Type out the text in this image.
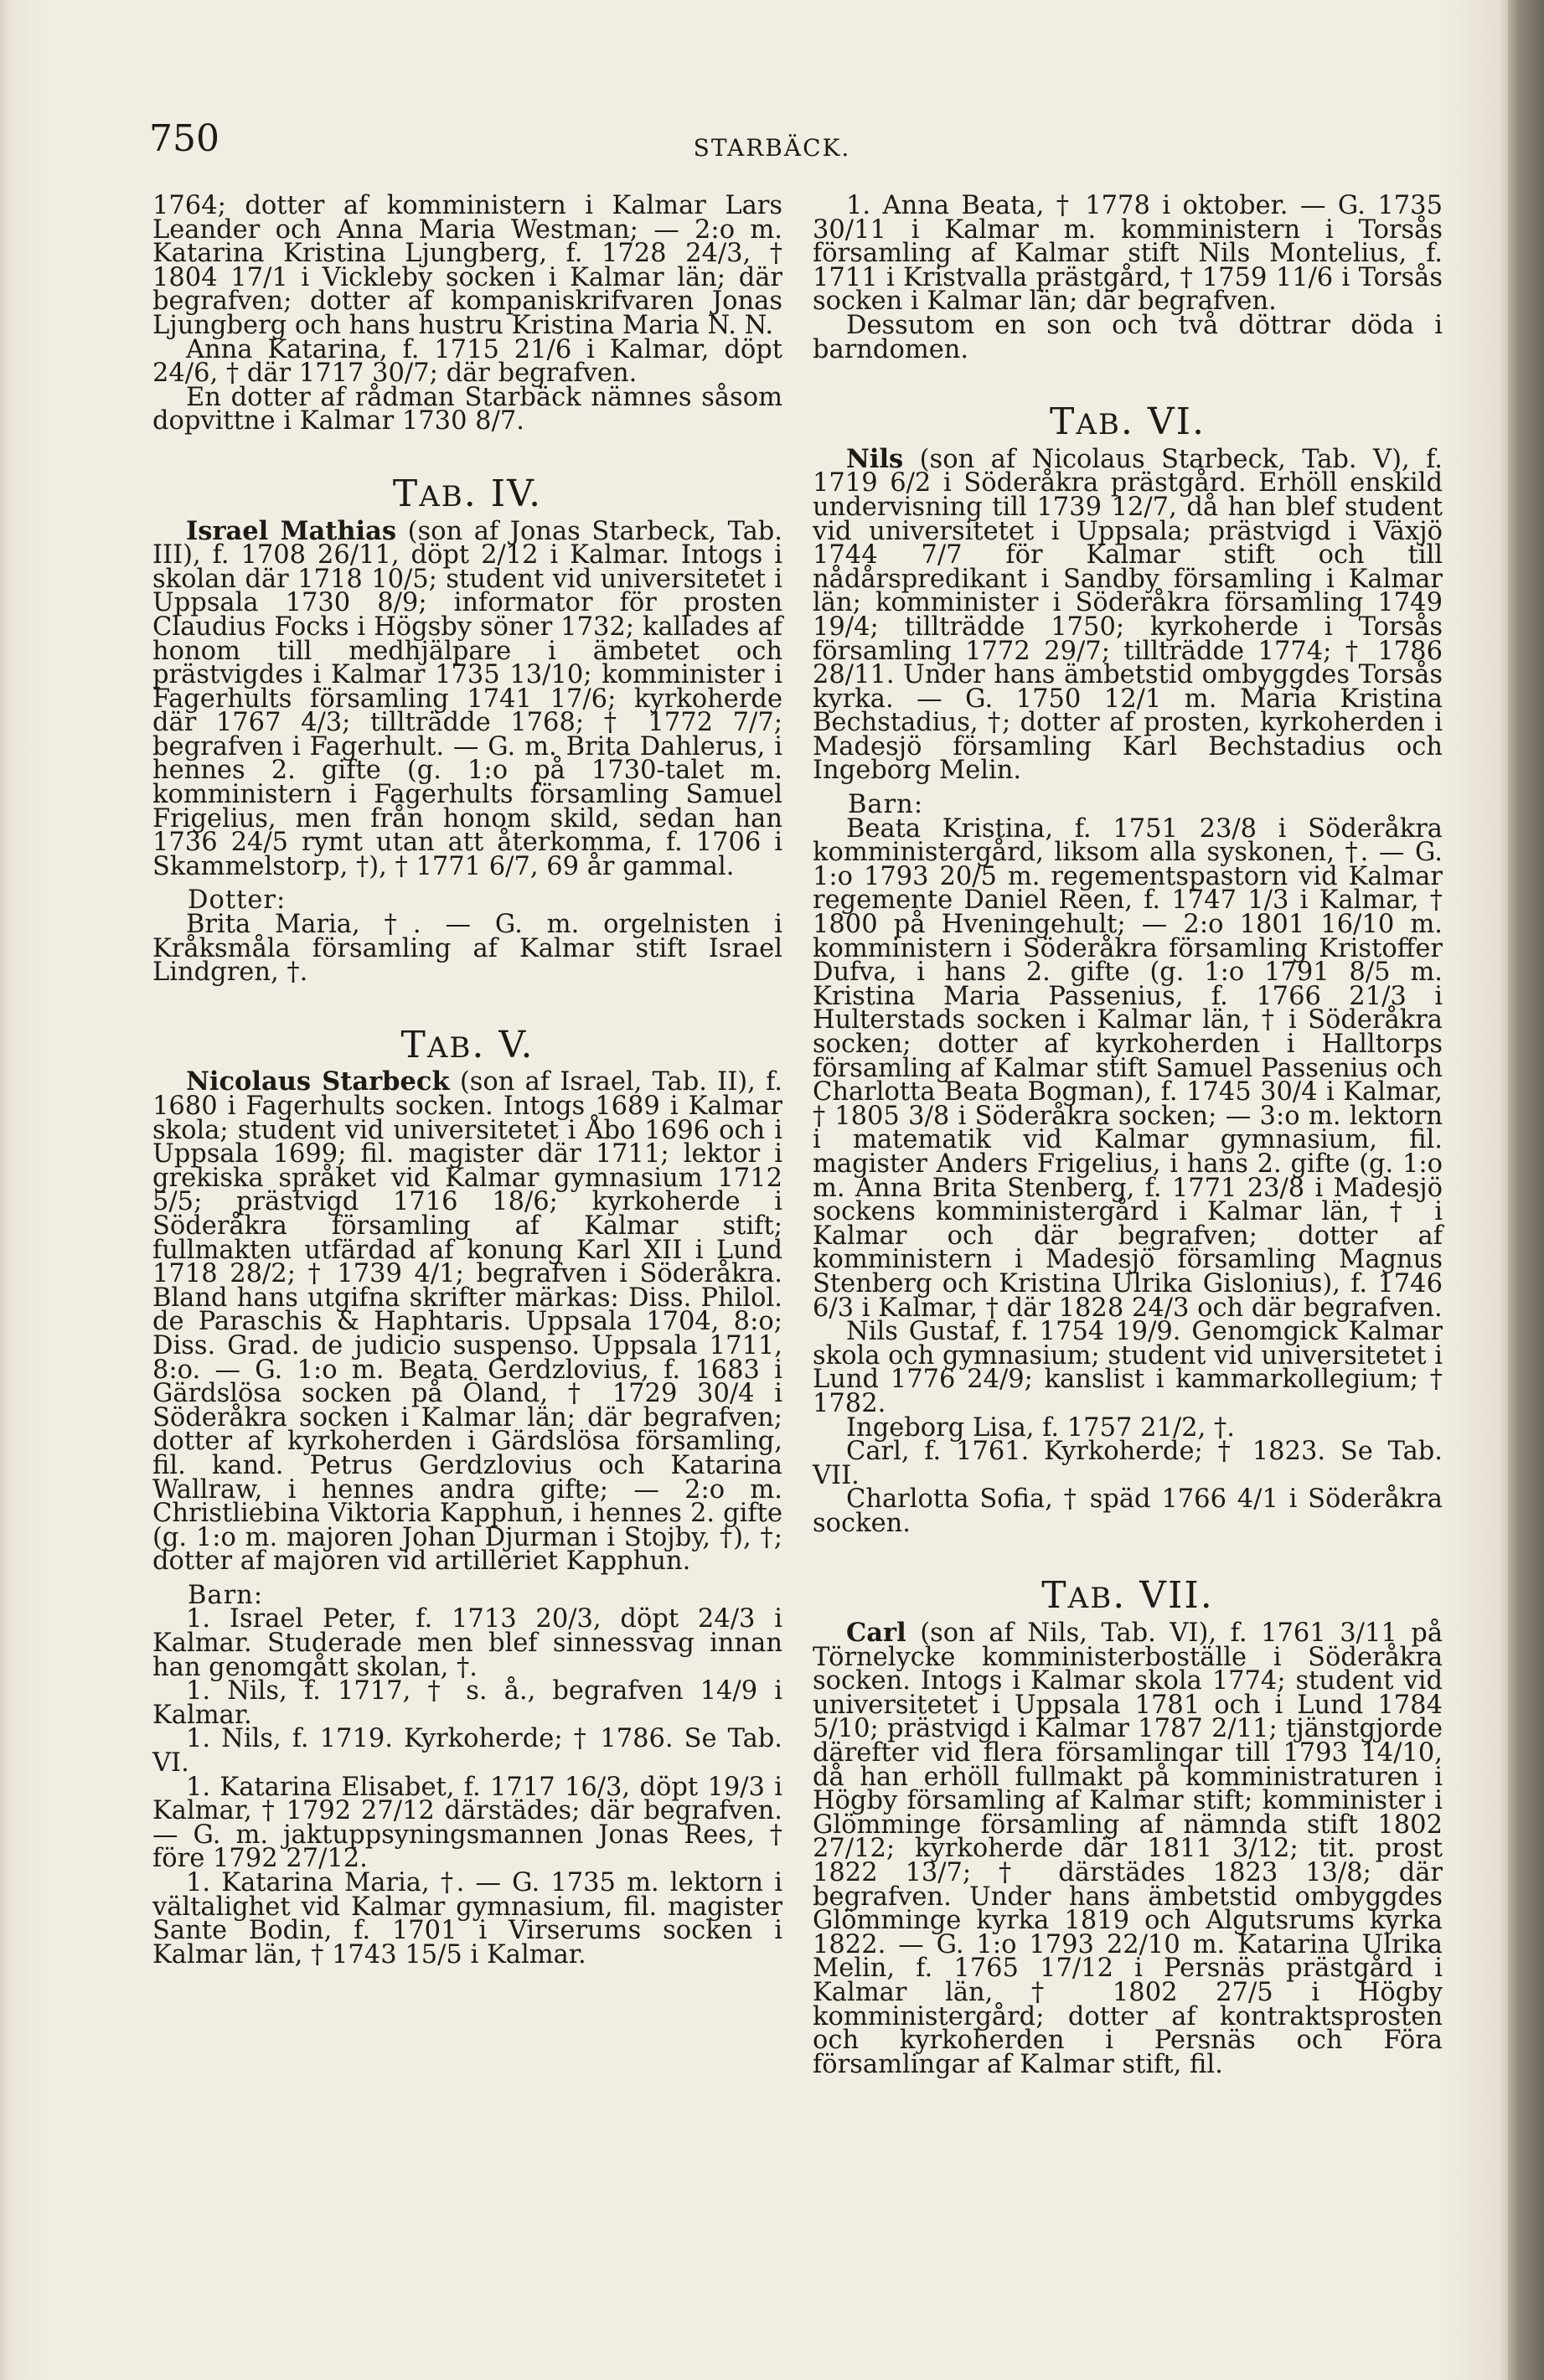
750	STARBÄCK.

1764; dotter af komministern i Kalmar Lars Leander och Anna Maria Westman; — 2:o m. Katarina Kristina Ljungberg, f. 1728 24/3, † 1804 17/1 i Vickleby socken i Kalmar län; där begrafven; dotter af kompaniskrifvaren Jonas Ljungberg och hans hustru Kristina Maria N. N.

Anna Katarina, f. 1715 21/6 i Kalmar, döpt 24/6, † där 1717 30/7; där begrafven.

En dotter af rådman Starbäck nämnes såsom dopvittne i Kalmar 1730 8/7.

TAB. IV.

Israel Mathias (son af Jonas Starbeck, Tab. III), f. 1708 26/11, döpt 2/12 i Kalmar. Intogs i skolan där 1718 10/5; student vid universitetet i Uppsala 1730 8/9; informator för prosten Claudius Focks i Högsby söner 1732; kallades af honom till medhjälpare i ämbetet och prästvigdes i Kalmar 1735 13/10; komminister i Fagerhults församling 1741 17/6; kyrkoherde där 1767 4/3; tillträdde 1768; † 1772 7/7; begrafven i Fagerhult. — G. m. Brita Dahlerus, i hennes 2. gifte (g. 1:o på 1730-talet m. komministern i Fagerhults församling Samuel Frigelius, men från honom skild, sedan han 1736 24/5 rymt utan att återkomma, f. 1706 i Skammelstorp, †), † 1771 6/7, 69 år gammal.

Dotter:

Brita Maria, †. — G. m. orgelnisten i Kråksmåla församling af Kalmar stift Israel Lindgren, †.

TAB. V.

Nicolaus Starbeck (son af Israel, Tab. II), f. 1680 i Fagerhults socken. Intogs 1689 i Kalmar skola; student vid universitetet i Åbo 1696 och i Uppsala 1699; fil. magister där 1711; lektor i grekiska språket vid Kalmar gymnasium 1712 5/5; prästvigd 1716 18/6; kyrkoherde i Söderåkra församling af Kalmar stift; fullmakten utfärdad af konung Karl XII i Lund 1718 28/2; † 1739 4/1; begrafven i Söderåkra. Bland hans utgifna skrifter märkas: Diss. Philol. de Paraschis & Haphtaris. Uppsala 1704, 8:o; Diss. Grad. de judicio suspenso. Uppsala 1711, 8:o. — G. 1:o m. Beata Gerdzlovius, f. 1683 i Gärdslösa socken på Öland, † 1729 30/4 i Söderåkra socken i Kalmar län; där begrafven; dotter af kyrkoherden i Gärdslösa församling, fil. kand. Petrus Gerdzlovius och Katarina Wallraw, i hennes andra gifte; — 2:o m. Christliebina Viktoria Kapphun, i hennes 2. gifte (g. 1:o m. majoren Johan Djurman i Stojby, †), †; dotter af majoren vid artilleriet Kapphun.

Barn:

1. Israel Peter, f. 1713 20/3, döpt 24/3 i Kalmar. Studerade men blef sinnessvag innan han genomgått skolan, †.

1. Nils, f. 1717, † s. å., begrafven 14/9 i Kalmar.

1. Nils, f. 1719. Kyrkoherde; † 1786. Se Tab. VI.

1. Katarina Elisabet, f. 1717 16/3, döpt 19/3 i Kalmar, † 1792 27/12 därstädes; där begrafven. — G. m. jaktuppsyningsmannen Jonas Rees, † före 1792 27/12.

1. Katarina Maria, †. — G. 1735 m. lektorn i vältalighet vid Kalmar gymnasium, fil. magister Sante Bodin, f. 1701 i Virserums socken i Kalmar län, † 1743 15/5 i Kalmar.

1. Anna Beata, † 1778 i oktober. — G. 1735 30/11 i Kalmar m. komministern i Torsås församling af Kalmar stift Nils Montelius, f. 1711 i Kristvalla prästgård, † 1759 11/6 i Torsås socken i Kalmar län; där begrafven.

Dessutom en son och två döttrar döda i barndomen.

TAB. VI.

Nils (son af Nicolaus Starbeck, Tab. V), f. 1719 6/2 i Söderåkra prästgård. Erhöll enskild undervisning till 1739 12/7, då han blef student vid universitetet i Uppsala; prästvigd i Växjö 1744 7/7 för Kalmar stift och till nådårspredikant i Sandby församling i Kalmar län; komminister i Söderåkra församling 1749 19/4; tillträdde 1750; kyrkoherde i Torsås församling 1772 29/7; tillträdde 1774; † 1786 28/11. Under hans ämbetstid ombyggdes Torsås kyrka. — G. 1750 12/1 m. Maria Kristina Bechstadius, †; dotter af prosten, kyrkoherden i Madesjö församling Karl Bechstadius och Ingeborg Melin.

Barn:

Beata Kristina, f. 1751 23/8 i Söderåkra komministergård, liksom alla syskonen, †. — G. 1:o 1793 20/5 m. regementspastorn vid Kalmar regemente Daniel Reen, f. 1747 1/3 i Kalmar, † 1800 på Hveningehult; — 2:o 1801 16/10 m. komministern i Söderåkra församling Kristoffer Dufva, i hans 2. gifte (g. 1:o 1791 8/5 m. Kristina Maria Passenius, f. 1766 21/3 i Hulterstads socken i Kalmar län, † i Söderåkra socken; dotter af kyrkoherden i Halltorps församling af Kalmar stift Samuel Passenius och Charlotta Beata Bogman), f. 1745 30/4 i Kalmar, † 1805 3/8 i Söderåkra socken; — 3:o m. lektorn i matematik vid Kalmar gymnasium, fil. magister Anders Frigelius, i hans 2. gifte (g. 1:o m. Anna Brita Stenberg, f. 1771 23/8 i Madesjö sockens komministergård i Kalmar län, † i Kalmar och där begrafven; dotter af komministern i Madesjö församling Magnus Stenberg och Kristina Ulrika Gislonius), f. 1746 6/3 i Kalmar, † där 1828 24/3 och där begrafven.

Nils Gustaf, f. 1754 19/9. Genomgick Kalmar skola och gymnasium; student vid universitetet i Lund 1776 24/9; kanslist i kammarkollegium; † 1782.

Ingeborg Lisa, f. 1757 21/2, †.

Carl, f. 1761. Kyrkoherde; † 1823. Se Tab. VII.

Charlotta Sofia, † späd 1766 4/1 i Söderåkra socken.

TAB. VII.

Carl (son af Nils, Tab. VI), f. 1761 3/11 på Törnelycke komministerboställe i Söderåkra socken. Intogs i Kalmar skola 1774; student vid universitetet i Uppsala 1781 och i Lund 1784 5/10; prästvigd i Kalmar 1787 2/11; tjänstgjorde därefter vid flera församlingar till 1793 14/10, då han erhöll fullmakt på komministraturen i Högby församling af Kalmar stift; komminister i Glömminge församling af nämnda stift 1802 27/12; kyrkoherde där 1811 3/12; tit. prost 1822 13/7; † därstädes 1823 13/8; där begrafven. Under hans ämbetstid ombyggdes Glömminge kyrka 1819 och Algutsrums kyrka 1822. — G. 1:o 1793 22/10 m. Katarina Ulrika Melin, f. 1765 17/12 i Persnäs prästgård i Kalmar län, † 1802 27/5 i Högby komministergård; dotter af kontraktsprosten och kyrkoherden i Persnäs och Föra församlingar af Kalmar stift, fil.
